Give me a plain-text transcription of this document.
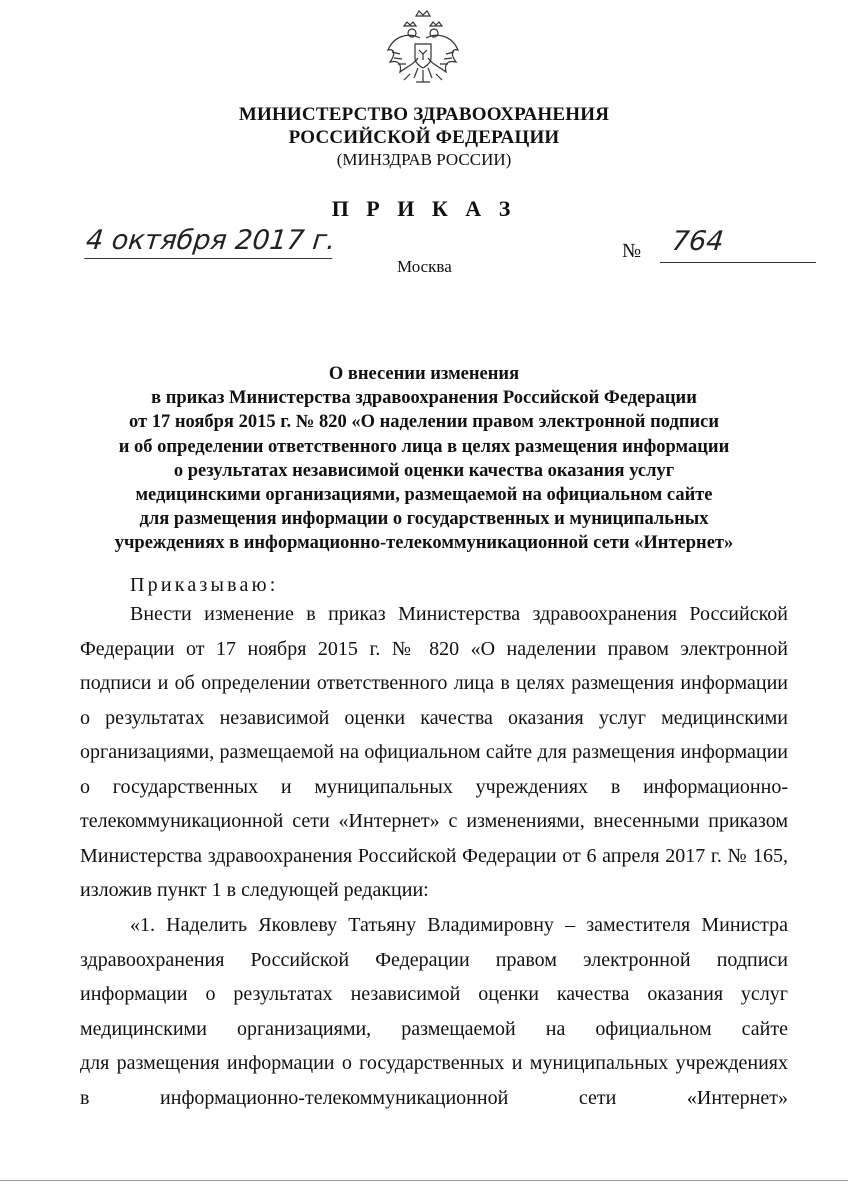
МИНИСТЕРСТВО ЗДРАВООХРАНЕНИЯ
РОССИЙСКОЙ ФЕДЕРАЦИИ
(МИНЗДРАВ РОССИИ)
П Р И К А З
4 октября 2017 г.
Москва
№ 764
О внесении изменения
в приказ Министерства здравоохранения Российской Федерации
от 17 ноября 2015 г. № 820 «О наделении правом электронной подписи
и об определении ответственного лица в целях размещения информации
о результатах независимой оценки качества оказания услуг
медицинскими организациями, размещаемой на официальном сайте
для размещения информации о государственных и муниципальных
учреждениях в информационно-телекоммуникационной сети «Интернет»
Приказываю:
Внести изменение в приказ Министерства здравоохранения Российской
Федерации от 17 ноября 2015 г. № 820 «О наделении правом электронной
подписи и об определении ответственного лица в целях размещения информации
о результатах независимой оценки качества оказания услуг медицинскими
организациями, размещаемой на официальном сайте для размещения информации
о государственных и муниципальных учреждениях в информационно-
телекоммуникационной сети «Интернет» с изменениями, внесенными приказом
Министерства здравоохранения Российской Федерации от 6 апреля 2017 г. № 165,
изложив пункт 1 в следующей редакции:
«1. Наделить Яковлеву Татьяну Владимировну – заместителя Министра
здравоохранения Российской Федерации правом электронной подписи
информации о результатах независимой оценки качества оказания услуг
медицинскими организациями, размещаемой на официальном сайте
для размещения информации о государственных и муниципальных учреждениях
в информационно-телекоммуникационной сети «Интернет»
